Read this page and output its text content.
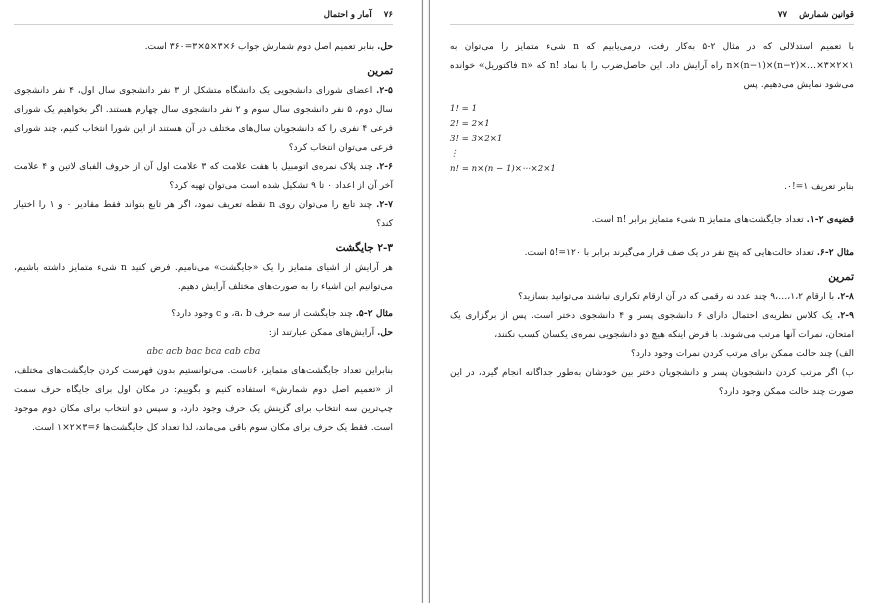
۷۶    آمار و احتمال

حل. بنابر تعمیم اصل دوم شمارش جواب ۶×۳×۵×۳=۳۶۰ است.

تمرین

۲-۵. اعضای شورای دانشجویی یک دانشگاه متشکل از ۳ نفر دانشجوی سال اول، ۴ نفر دانشجوی سال دوم، ۵ نفر دانشجوی سال سوم و ۲ نفر دانشجوی سال چهارم هستند. اگر بخواهیم یک شورای فرعی ۴ نفری را که دانشجویان سال‌های مختلف در آن هستند از این شورا انتخاب کنیم، چند شورای فرعی می‌توان انتخاب کرد؟

۲-۶. چند پلاک نمره‌ی اتومبیل با هفت علامت که ۳ علامت اول آن از حروف الفبای لاتین و ۴ علامت آخر آن از اعداد ۰ تا ۹ تشکیل شده است می‌توان تهیه کرد؟

۲-۷. چند تابع را می‌توان روی n نقطه تعریف نمود، اگر هر تابع بتواند فقط مقادیر ۰ و ۱ را اختیار کند؟

۲-۳ جایگشت

هر آرایش از اشیای متمایز را یک «جایگشت» می‌نامیم. فرض کنید n شیء متمایز داشته باشیم، می‌توانیم این اشیاء را به صورت‌های مختلف آرایش دهیم.

مثال ۲-۵. چند جایگشت از سه حرف a، b، و c وجود دارد؟

حل. آرایش‌های ممکن عبارتند از:

abc acb bac bca cab cba

بنابراین تعداد جایگشت‌های متمایز، ۶تاست. می‌توانستیم بدون فهرست کردن جایگشت‌های مختلف، از «تعمیم اصل دوم شمارش» استفاده کنیم و بگوییم: در مکان اول برای جایگاه حرف سمت چپ‌ترین سه انتخاب برای گزینش یک حرف وجود دارد، و سپس دو انتخاب برای مکان دوم موجود است. فقط یک حرف برای مکان سوم باقی می‌ماند، لذا تعداد کل جایگشت‌ها ۶=۳×۲×۱ است.

قوانین شمارش    ۷۷

با تعمیم استدلالی که در مثال ۲-۵ به‌کار رفت، درمی‌یابیم که n شیء متمایز را می‌توان به n×(n−۱)×(n−۲)×…×۳×۲×۱ راه آرایش داد. این حاصل‌ضرب را با نماد !n که «n فاکتوریل» خوانده می‌شود نمایش می‌دهیم. پس

1! = 1

2! = 2×1

3! = 3×2×1

⋮

n! = n×(n − 1)×⋯×2×1

بنابر تعریف ۱=!۰.

قضیه‌ی ۲-۱. تعداد جایگشت‌های متمایز n شیء متمایز برابر !n است.

مثال ۲-۶. تعداد حالت‌هایی که پنج نفر در یک صف قرار می‌گیرند برابر با ۱۲۰=!۵ است.

تمرین

۲-۸. با ارقام ۱،۲،…،۹ چند عدد نه رقمی که در آن ارقام تکراری نباشند می‌توانید بسازید؟

۲-۹. یک کلاس نظریه‌ی احتمال دارای ۶ دانشجوی پسر و ۴ دانشجوی دختر است. پس از برگزاری یک امتحان، نمرات آنها مرتب می‌شوند. با فرض اینکه هیچ دو دانشجویی نمره‌ی یکسان کسب نکنند،

الف) چند حالت ممکن برای مرتب کردن نمرات وجود دارد؟

ب) اگر مرتب کردن دانشجویان پسر و دانشجویان دختر بین خودشان به‌طور جداگانه انجام گیرد، در این صورت چند حالت ممکن وجود دارد؟
